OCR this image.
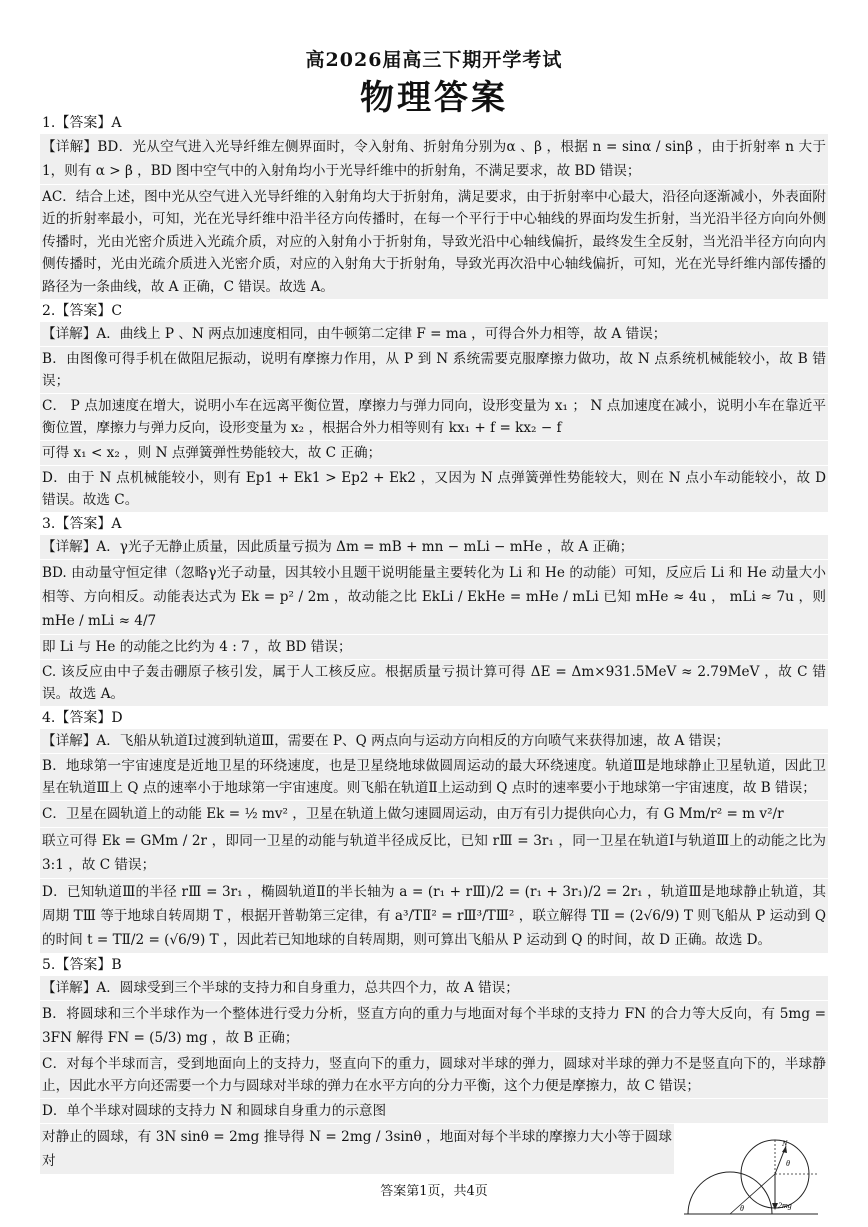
高2026届高三下期开学考试
物理答案
1.【答案】A
【详解】BD．光从空气进入光导纤维左侧界面时，令入射角、折射角分别为α 、β ，根据 n = sinα / sinβ ，由于折射率 n 大于 1，则有 α > β ，BD 图中空气中的入射角均小于光导纤维中的折射角，不满足要求，故 BD 错误；
AC．结合上述，图中光从空气进入光导纤维的入射角均大于折射角，满足要求，由于折射率中心最大，沿径向逐渐减小，外表面附近的折射率最小，可知，光在光导纤维中沿半径方向传播时，在每一个平行于中心轴线的界面均发生折射，当光沿半径方向向外侧传播时，光由光密介质进入光疏介质，对应的入射角小于折射角，导致光沿中心轴线偏折，最终发生全反射，当光沿半径方向向内侧传播时，光由光疏介质进入光密介质，对应的入射角大于折射角，导致光再次沿中心轴线偏折，可知，光在光导纤维内部传播的路径为一条曲线，故 A 正确，C 错误。故选 A。
2.【答案】C
【详解】A．曲线上 P 、N 两点加速度相同，由牛顿第二定律 F = ma ，可得合外力相等，故 A 错误；
B．由图像可得手机在做阻尼振动，说明有摩擦力作用，从 P 到 N 系统需要克服摩擦力做功，故 N 点系统机械能较小，故 B 错误；
C． P 点加速度在增大，说明小车在远离平衡位置，摩擦力与弹力同向，设形变量为 x₁ ； N 点加速度在减小，说明小车在靠近平衡位置，摩擦力与弹力反向，设形变量为 x₂ ，根据合外力相等则有 kx₁ + f = kx₂ − f
可得 x₁ < x₂ ，则 N 点弹簧弹性势能较大，故 C 正确；
D．由于 N 点机械能较小，则有 Ep1 + Ek1 > Ep2 + Ek2 ，又因为 N 点弹簧弹性势能较大，则在 N 点小车动能较小，故 D 错误。故选 C。
3.【答案】A
【详解】A．γ光子无静止质量，因此质量亏损为 Δm = mB + mn − mLi − mHe ，故 A 正确；
BD. 由动量守恒定律（忽略γ光子动量，因其较小且题干说明能量主要转化为 Li 和 He 的动能）可知，反应后 Li 和 He 动量大小相等、方向相反。动能表达式为 Ek = p² / 2m ，故动能之比 EkLi / EkHe = mHe / mLi 已知 mHe ≈ 4u ， mLi ≈ 7u ，则 mHe / mLi ≈ 4/7
即 Li 与 He 的动能之比约为 4 : 7 ，故 BD 错误；
C. 该反应由中子轰击硼原子核引发，属于人工核反应。根据质量亏损计算可得 ΔE = Δm×931.5MeV ≈ 2.79MeV ，故 C 错误。故选 A。
4.【答案】D
【详解】A．飞船从轨道Ⅰ过渡到轨道Ⅲ，需要在 P、Q 两点向与运动方向相反的方向喷气来获得加速，故 A 错误；
B．地球第一宇宙速度是近地卫星的环绕速度，也是卫星绕地球做圆周运动的最大环绕速度。轨道Ⅲ是地球静止卫星轨道，因此卫星在轨道Ⅲ上 Q 点的速率小于地球第一宇宙速度。则飞船在轨道Ⅱ上运动到 Q 点时的速率要小于地球第一宇宙速度，故 B 错误；
C．卫星在圆轨道上的动能 Ek = ½ mv² ，卫星在轨道上做匀速圆周运动，由万有引力提供向心力，有 G Mm/r² = m v²/r
联立可得 Ek = GMm / 2r ，即同一卫星的动能与轨道半径成反比，已知 rⅢ = 3r₁ ，同一卫星在轨道Ⅰ与轨道Ⅲ上的动能之比为 3:1 ，故 C 错误；
D．已知轨道Ⅲ的半径 rⅢ = 3r₁ ，椭圆轨道Ⅱ的半长轴为 a = (r₁ + rⅢ)/2 = (r₁ + 3r₁)/2 = 2r₁ ，轨道Ⅲ是地球静止轨道，其周期 TⅢ 等于地球自转周期 T ，根据开普勒第三定律，有 a³/TⅡ² = rⅢ³/TⅢ² ，联立解得 TⅡ = (2√6/9) T 则飞船从 P 运动到 Q 的时间 t = TⅡ/2 = (√6/9) T ，因此若已知地球的自转周期，则可算出飞船从 P 运动到 Q 的时间，故 D 正确。故选 D。
5.【答案】B
【详解】A．圆球受到三个半球的支持力和自身重力，总共四个力，故 A 错误；
B．将圆球和三个半球作为一个整体进行受力分析，竖直方向的重力与地面对每个半球的支持力 FN 的合力等大反向，有 5mg = 3FN 解得 FN = (5/3) mg ，故 B 正确；
C．对每个半球而言，受到地面向上的支持力，竖直向下的重力，圆球对半球的弹力，圆球对半球的弹力不是竖直向下的，半球静止，因此水平方向还需要一个力与圆球对半球的弹力在水平方向的分力平衡，这个力便是摩擦力，故 C 错误；
D．单个半球对圆球的支持力 N 和圆球自身重力的示意图
对静止的圆球，有 3N sinθ = 2mg 推导得 N = 2mg / 3sinθ ，地面对每个半球的摩擦力大小等于圆球对
N
θ
θ	2mg
答案第1页，共4页
